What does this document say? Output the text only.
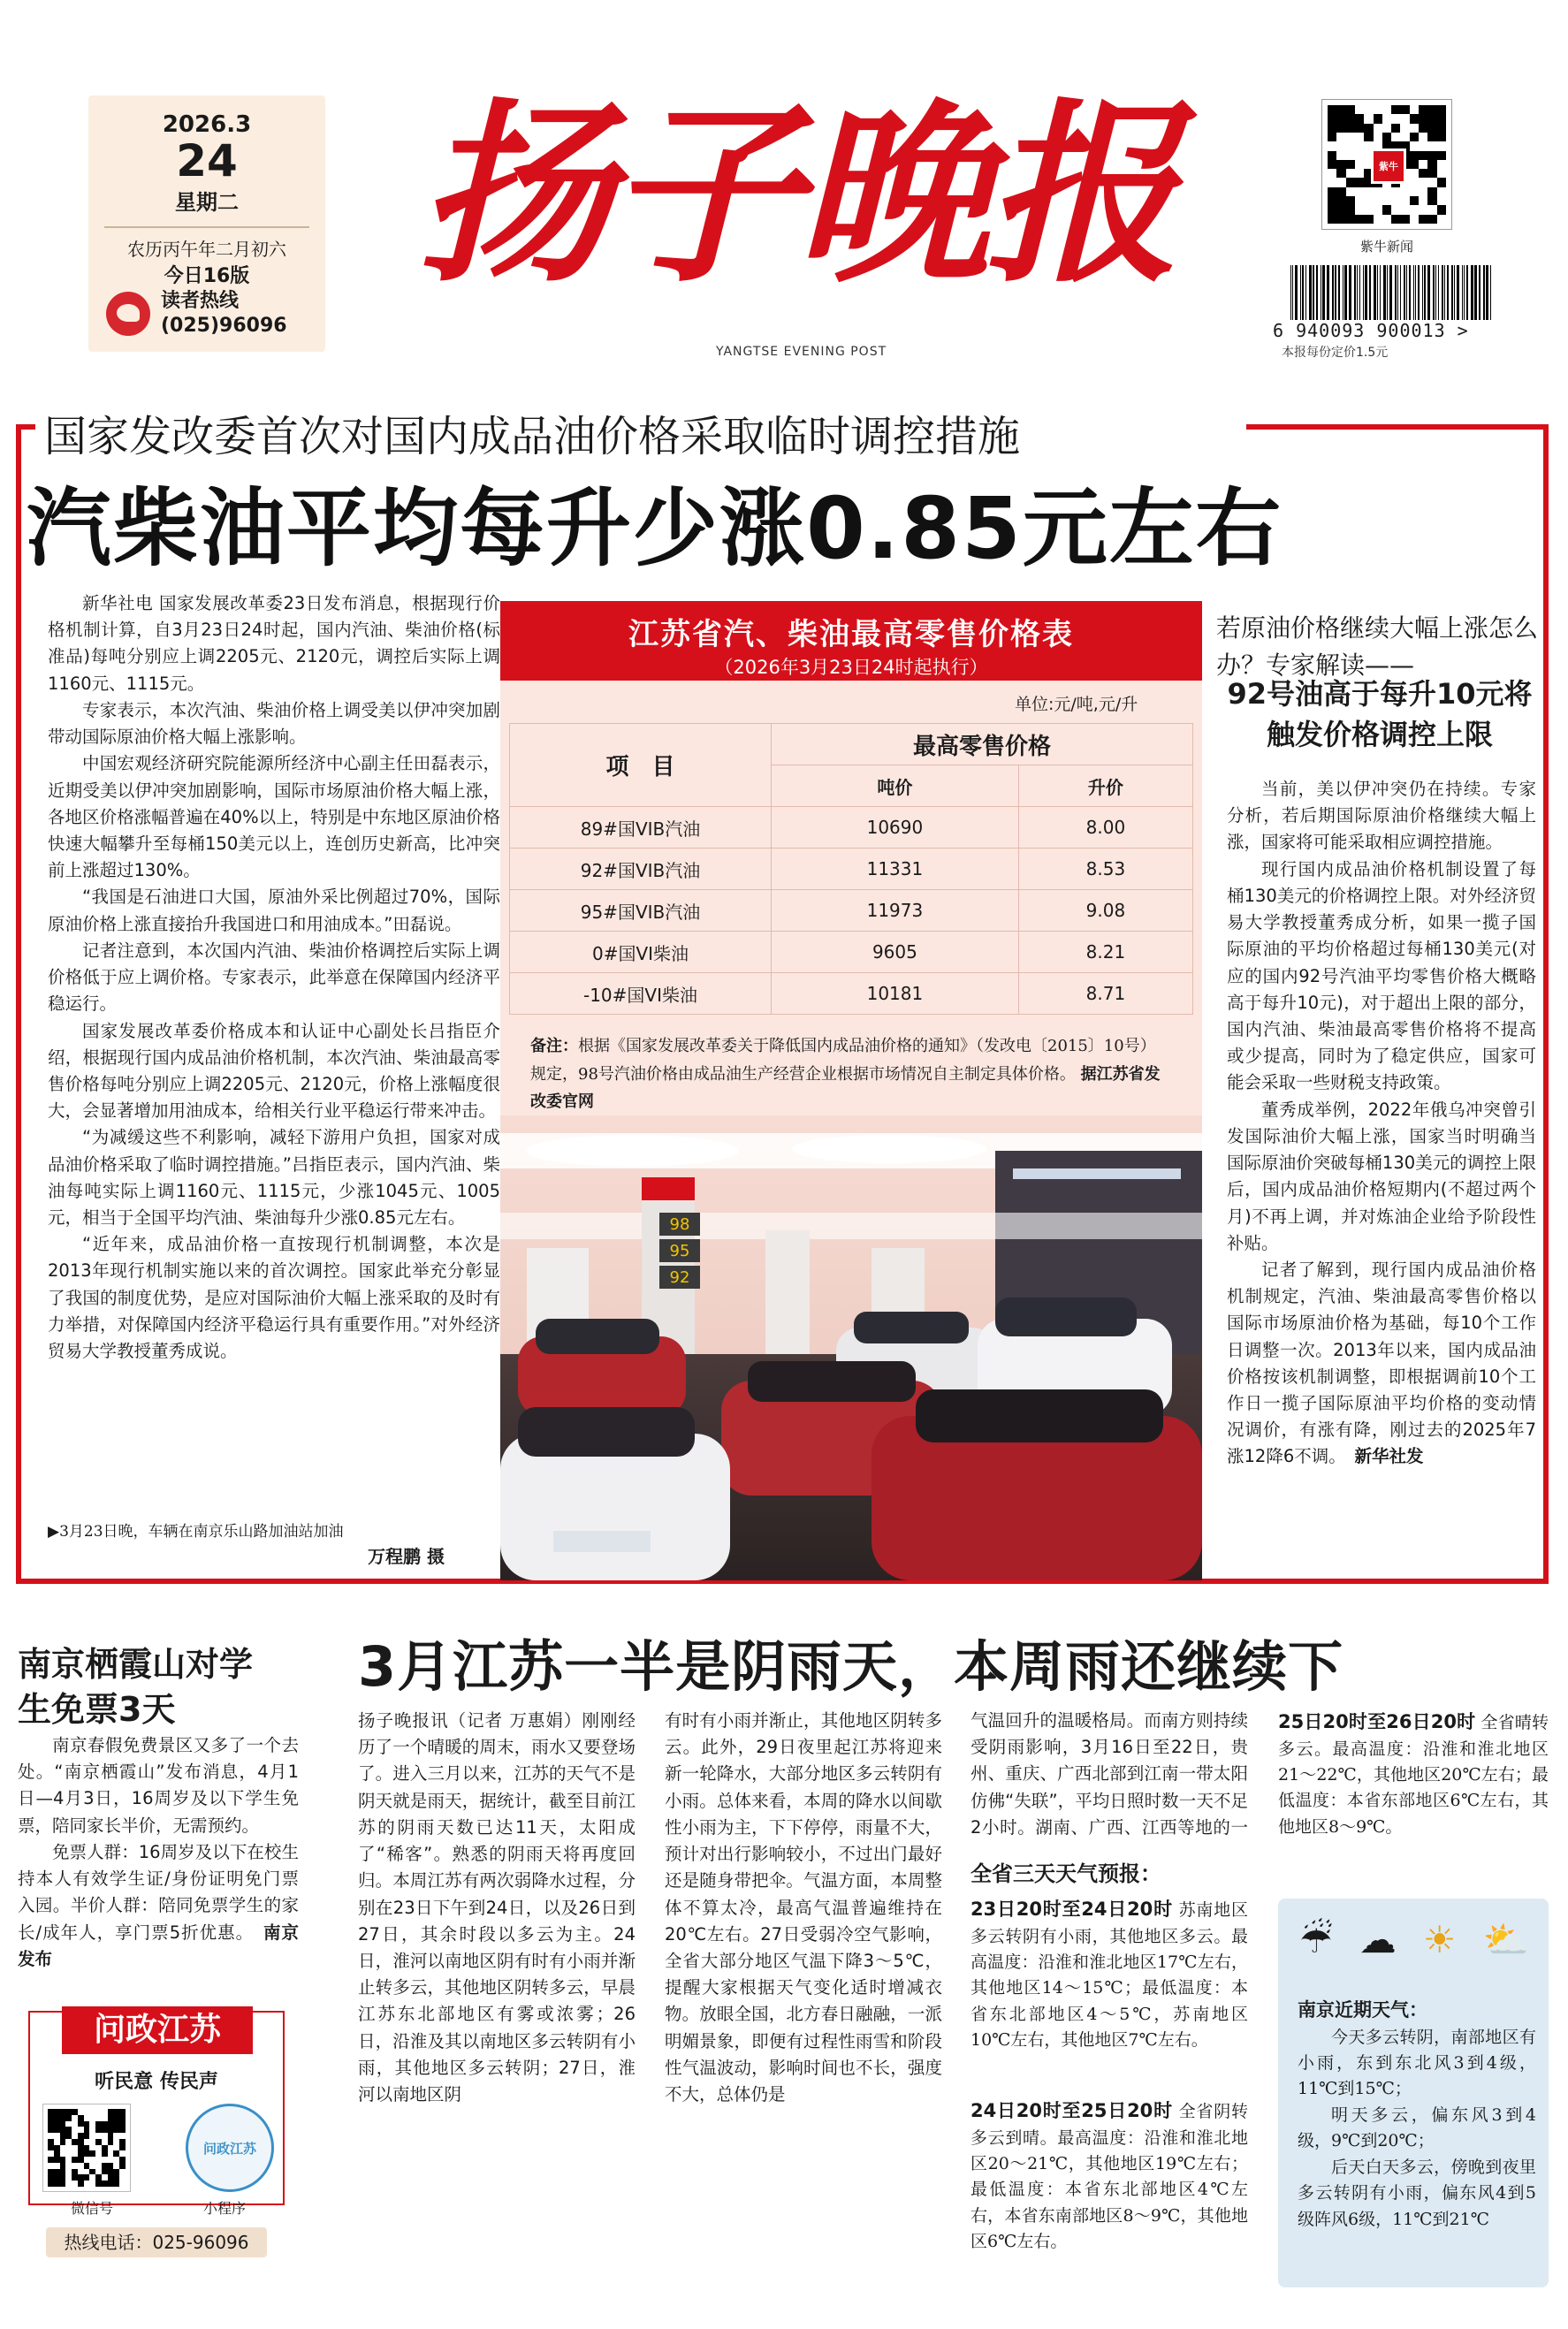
2026.3
24
星期二
农历丙午年二月初六
今日16版
读者热线
(025)96096
扬子晚报
YANGTSE EVENING POST
紫牛
紫牛新闻
6 940093 900013 >
本报每份定价1.5元
国家发改委首次对国内成品油价格采取临时调控措施
汽柴油平均每升少涨0.85元左右

新华社电 国家发展改革委23日发布消息，根据现行价格机制计算，自3月23日24时起，国内汽油、柴油价格(标准品)每吨分别应上调2205元、2120元，调控后实际上调1160元、1115元。

专家表示，本次汽油、柴油价格上调受美以伊冲突加剧带动国际原油价格大幅上涨影响。

中国宏观经济研究院能源所经济中心副主任田磊表示，近期受美以伊冲突加剧影响，国际市场原油价格大幅上涨，各地区价格涨幅普遍在40%以上，特别是中东地区原油价格快速大幅攀升至每桶150美元以上，连创历史新高，比冲突前上涨超过130%。

“我国是石油进口大国，原油外采比例超过70%，国际原油价格上涨直接抬升我国进口和用油成本。”田磊说。

记者注意到，本次国内汽油、柴油价格调控后实际上调价格低于应上调价格。专家表示，此举意在保障国内经济平稳运行。

国家发展改革委价格成本和认证中心副处长吕指臣介绍，根据现行国内成品油价格机制，本次汽油、柴油最高零售价格每吨分别应上调2205元、2120元，价格上涨幅度很大，会显著增加用油成本，给相关行业平稳运行带来冲击。

“为减缓这些不利影响，减轻下游用户负担，国家对成品油价格采取了临时调控措施。”吕指臣表示，国内汽油、柴油每吨实际上调1160元、1115元，少涨1045元、1005元，相当于全国平均汽油、柴油每升少涨0.85元左右。

“近年来，成品油价格一直按现行机制调整，本次是2013年现行机制实施以来的首次调控。国家此举充分彰显了我国的制度优势，是应对国际油价大幅上涨采取的及时有力举措，对保障国内经济平稳运行具有重要作用。”对外经济贸易大学教授董秀成说。

▶3月23日晚，车辆在南京乐山路加油站加油
万程鹏 摄
江苏省汽、柴油最高零售价格表
（2026年3月23日24时起执行）
单位:元/吨,元/升
项　目	最高零售价格	
	吨价	升价
89#国VIB汽油	10690	8.00
92#国VIB汽油	11331	8.53
95#国VIB汽油	11973	9.08
0#国VI柴油	9605	8.21
-10#国VI柴油	10181	8.71
备注：根据《国家发展改革委关于降低国内成品油价格的通知》（发改电〔2015〕10号）规定，98号汽油价格由成品油生产经营企业根据市场情况自主制定具体价格。 据江苏省发改委官网
98
95
92
若原油价格继续大幅上涨怎么办？专家解读——
92号油高于每升10元将触发价格调控上限

当前，美以伊冲突仍在持续。专家分析，若后期国际原油价格继续大幅上涨，国家将可能采取相应调控措施。

现行国内成品油价格机制设置了每桶130美元的价格调控上限。对外经济贸易大学教授董秀成分析，如果一揽子国际原油的平均价格超过每桶130美元(对应的国内92号汽油平均零售价格大概略高于每升10元)，对于超出上限的部分，国内汽油、柴油最高零售价格将不提高或少提高，同时为了稳定供应，国家可能会采取一些财税支持政策。

董秀成举例，2022年俄乌冲突曾引发国际油价大幅上涨，国家当时明确当国际原油价突破每桶130美元的调控上限后，国内成品油价格短期内(不超过两个月)不再上调，并对炼油企业给予阶段性补贴。

记者了解到，现行国内成品油价格机制规定，汽油、柴油最高零售价格以国际市场原油价格为基础，每10个工作日调整一次。2013年以来，国内成品油价格按该机制调整，即根据调前10个工作日一揽子国际原油平均价格的变动情况调价，有涨有降，刚过去的2025年7涨12降6不调。　 新华社发

南京栖霞山对学生免票3天

南京春假免费景区又多了一个去处。“南京栖霞山”发布消息，4月1日—4月3日，16周岁及以下学生免票，陪同家长半价，无需预约。

免票人群：16周岁及以下在校生持本人有效学生证/身份证明免门票入园。半价人群：陪同免票学生的家长/成年人，享门票5折优惠。　 南京发布

问政江苏
听民意 传民声
问政江苏
微信号	小程序
热线电话：025-96096
3月江苏一半是阴雨天，本周雨还继续下

扬子晚报讯（记者 万惠娟）刚刚经历了一个晴暖的周末，雨水又要登场了。进入三月以来，江苏的天气不是阴天就是雨天，据统计，截至目前江苏的阴雨天数已达11天，太阳成了“稀客”。熟悉的阴雨天将再度回归。本周江苏有两次弱降水过程，分别在23日下午到24日，以及26日到27日，其余时段以多云为主。24日，淮河以南地区阴有时有小雨并渐止转多云，其他地区阴转多云，早晨江苏东北部地区有雾或浓雾；26日，沿淮及其以南地区多云转阴有小雨，其他地区多云转阴；27日，淮河以南地区阴

有时有小雨并渐止，其他地区阴转多云。此外，29日夜里起江苏将迎来新一轮降水，大部分地区多云转阴有小雨。总体来看，本周的降水以间歇性小雨为主，下下停停，雨量不大，预计对出行影响较小，不过出门最好还是随身带把伞。气温方面，本周整体不算太冷，最高气温普遍维持在20℃左右。27日受弱冷空气影响，全省大部分地区气温下降3～5℃，提醒大家根据天气变化适时增减衣物。放眼全国，北方春日融融，一派明媚景象，即便有过程性雨雪和阶段性气温波动，影响时间也不长，强度不大，总体仍是

气温回升的温暖格局。而南方则持续受阴雨影响，3月16日至22日，贵州、重庆、广西北部到江南一带太阳仿佛“失联”，平均日照时数一天不足2小时。湖南、广西、江西等地的一

全省三天天气预报：
23日20时至24日20时 苏南地区多云转阴有小雨，其他地区多云。最高温度：沿淮和淮北地区17℃左右，其他地区14～15℃；最低温度：本省东北部地区4～5℃，苏南地区10℃左右，其他地区7℃左右。
24日20时至25日20时 全省阴转多云到晴。最高温度：沿淮和淮北地区20～21℃，其他地区19℃左右；最低温度：本省东北部地区4℃左右，本省东南部地区8～9℃，其他地区6℃左右。
25日20时至26日20时 全省晴转多云。最高温度：沿淮和淮北地区21～22℃，其他地区20℃左右；最低温度：本省东部地区6℃左右，其他地区8～9℃。
☔ ☁ ☀ ⛅
南京近期天气：

今天多云转阴，南部地区有小雨，东到东北风3到4级，11℃到15℃；

明天多云，偏东风3到4级，9℃到20℃；

后天白天多云，傍晚到夜里多云转阴有小雨，偏东风4到5级阵风6级，11℃到21℃
